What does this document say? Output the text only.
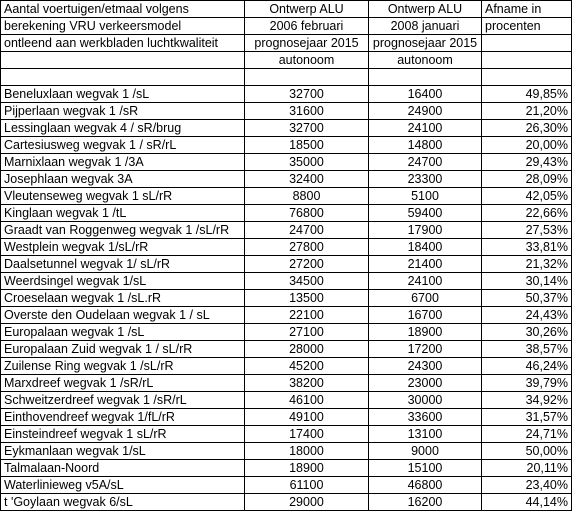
Aantal voertuigen/etmaal volgens	Ontwerp ALU	Ontwerp ALU	Afname in
berekening VRU verkeersmodel	2006 februari	2008 januari	procenten
ontleend aan werkbladen luchtkwaliteit	prognosejaar 2015	prognosejaar 2015	
	autonoom	autonoom	

Beneluxlaan wegvak 1 /sL	32700	16400	49,85%
Pijperlaan wegvak 1 /sR	31600	24900	21,20%
Lessinglaan wegvak 4 / sR/brug	32700	24100	26,30%
Cartesiusweg wegvak 1 / sR/rL	18500	14800	20,00%
Marnixlaan wegvak 1 /3A	35000	24700	29,43%
Josephlaan wegvak 3A	32400	23300	28,09%
Vleutenseweg wegvak 1 sL/rR	8800	5100	42,05%
Kinglaan wegvak 1 /tL	76800	59400	22,66%
Graadt van Roggenweg wegvak 1 /sL/rR	24700	17900	27,53%
Westplein wegvak 1/sL/rR	27800	18400	33,81%
Daalsetunnel wegvak 1/ sL/rR	27200	21400	21,32%
Weerdsingel wegvak 1/sL	34500	24100	30,14%
Croeselaan wegvak 1 /sL.rR	13500	6700	50,37%
Overste den Oudelaan wegvak 1 / sL	22100	16700	24,43%
Europalaan wegvak 1 /sL	27100	18900	30,26%
Europalaan Zuid wegvak 1 / sL/rR	28000	17200	38,57%
Zuilense Ring wegvak 1 /sL/rR	45200	24300	46,24%
Marxdreef wegvak 1 /sR/rL	38200	23000	39,79%
Schweitzerdreef wegvak 1 /sR/rL	46100	30000	34,92%
Einthovendreef wegvak 1/fL/rR	49100	33600	31,57%
Einsteindreef wegvak 1 sL/rR	17400	13100	24,71%
Eykmanlaan wegvak 1/sL	18000	9000	50,00%
Talmalaan-Noord	18900	15100	20,11%
Waterlinieweg v5A/sL	61100	46800	23,40%
t 'Goylaan wegvak 6/sL	29000	16200	44,14%
